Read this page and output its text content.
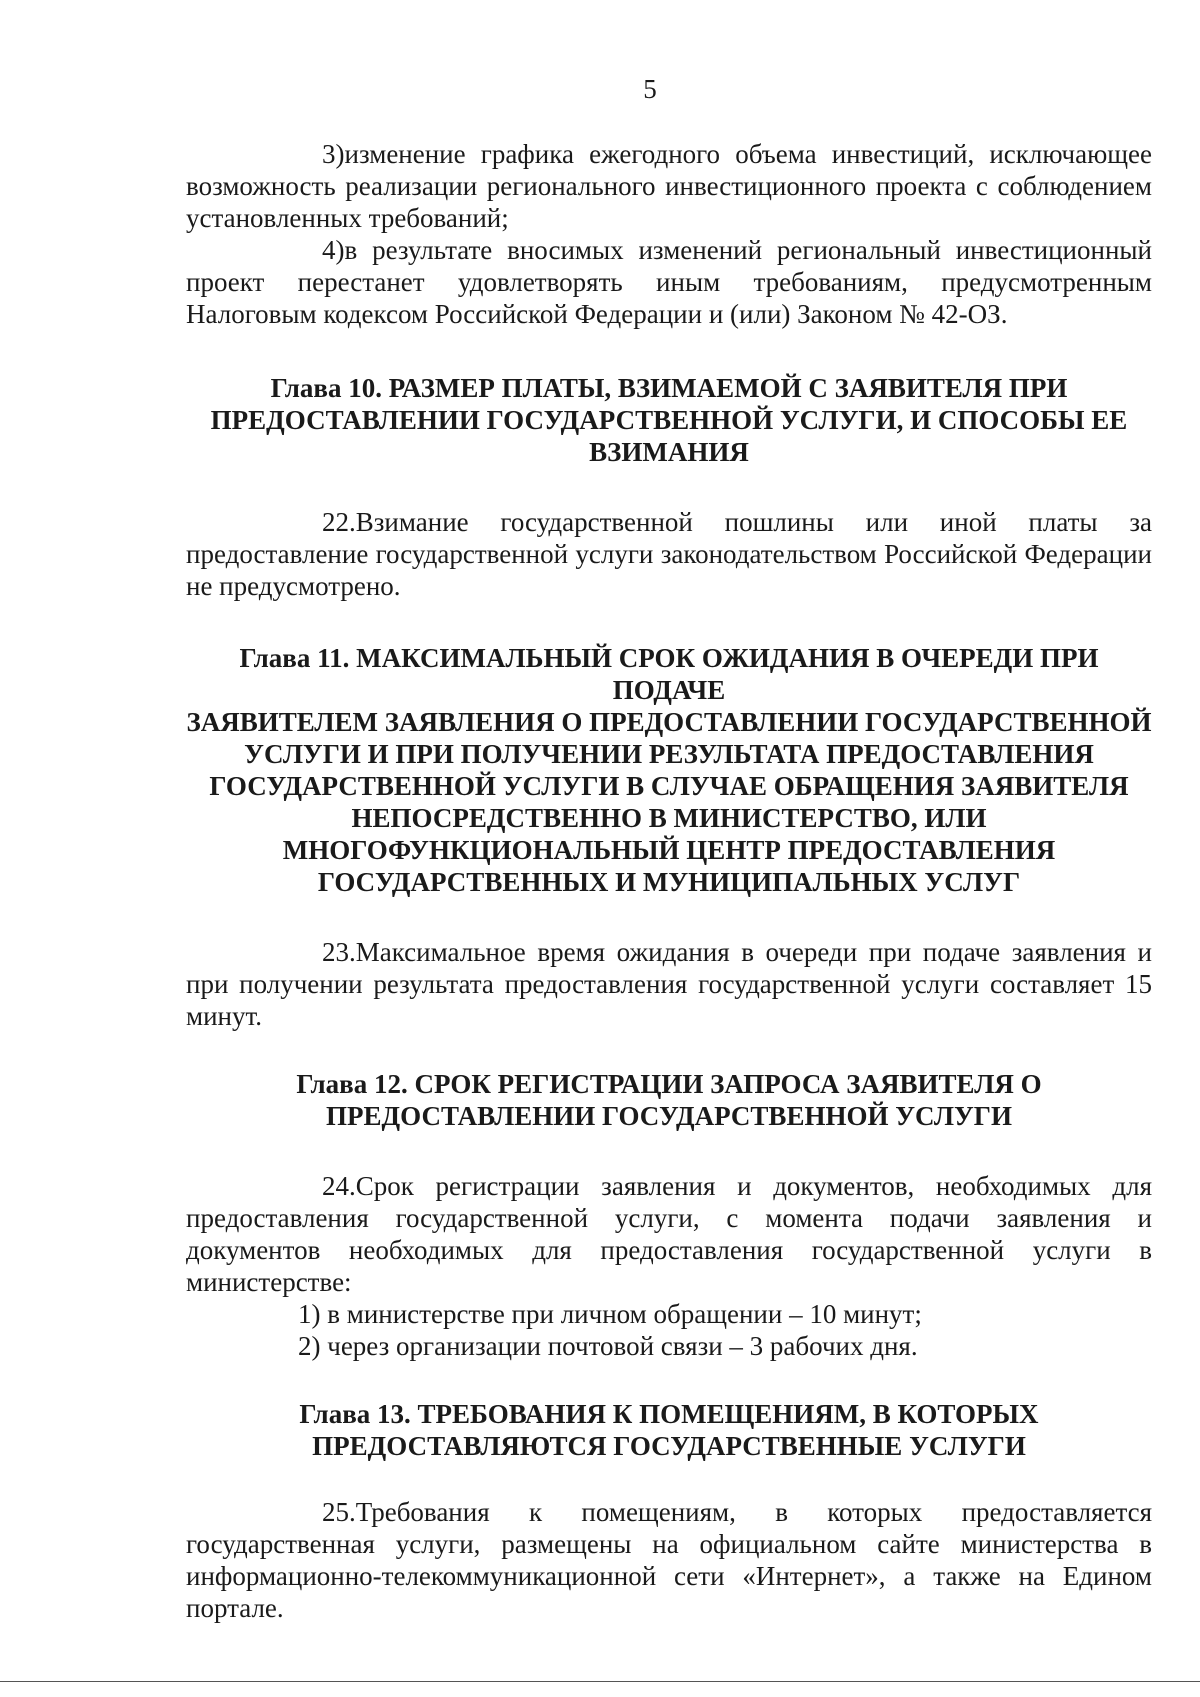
5

3)изменение графика ежегодного объема инвестиций, исключающее возможность реализации регионального инвестиционного проекта с соблюдением установленных требований;

4)в результате вносимых изменений региональный инвестиционный проект перестанет удовлетворять иным требованиям, предусмотренным Налоговым кодексом Российской Федерации и (или) Законом № 42-ОЗ.

Глава 10. РАЗМЕР ПЛАТЫ, ВЗИМАЕМОЙ С ЗАЯВИТЕЛЯ ПРИ
ПРЕДОСТАВЛЕНИИ ГОСУДАРСТВЕННОЙ УСЛУГИ, И СПОСОБЫ ЕЕ
ВЗИМАНИЯ

22.Взимание государственной пошлины или иной платы за предоставление государственной услуги законодательством Российской Федерации не предусмотрено.

Глава 11. МАКСИМАЛЬНЫЙ СРОК ОЖИДАНИЯ В ОЧЕРЕДИ ПРИ ПОДАЧЕ
ЗАЯВИТЕЛЕМ ЗАЯВЛЕНИЯ О ПРЕДОСТАВЛЕНИИ ГОСУДАРСТВЕННОЙ
УСЛУГИ И ПРИ ПОЛУЧЕНИИ РЕЗУЛЬТАТА ПРЕДОСТАВЛЕНИЯ
ГОСУДАРСТВЕННОЙ УСЛУГИ В СЛУЧАЕ ОБРАЩЕНИЯ ЗАЯВИТЕЛЯ
НЕПОСРЕДСТВЕННО В МИНИСТЕРСТВО, ИЛИ
МНОГОФУНКЦИОНАЛЬНЫЙ ЦЕНТР ПРЕДОСТАВЛЕНИЯ
ГОСУДАРСТВЕННЫХ И МУНИЦИПАЛЬНЫХ УСЛУГ

23.Максимальное время ожидания в очереди при подаче заявления и при получении результата предоставления государственной услуги составляет 15 минут.

Глава 12. СРОК РЕГИСТРАЦИИ ЗАПРОСА ЗАЯВИТЕЛЯ О
ПРЕДОСТАВЛЕНИИ ГОСУДАРСТВЕННОЙ УСЛУГИ

24.Срок регистрации заявления и документов, необходимых для предоставления государственной услуги, с момента подачи заявления и документов необходимых для предоставления государственной услуги в министерстве:

1) в министерстве при личном обращении – 10 минут;

2) через организации почтовой связи – 3 рабочих дня.

Глава 13. ТРЕБОВАНИЯ К ПОМЕЩЕНИЯМ, В КОТОРЫХ
ПРЕДОСТАВЛЯЮТСЯ ГОСУДАРСТВЕННЫЕ УСЛУГИ

25.Требования к помещениям, в которых предоставляется государственная услуги, размещены на официальном сайте министерства в информационно-телекоммуникационной сети «Интернет», а также на Едином портале.
